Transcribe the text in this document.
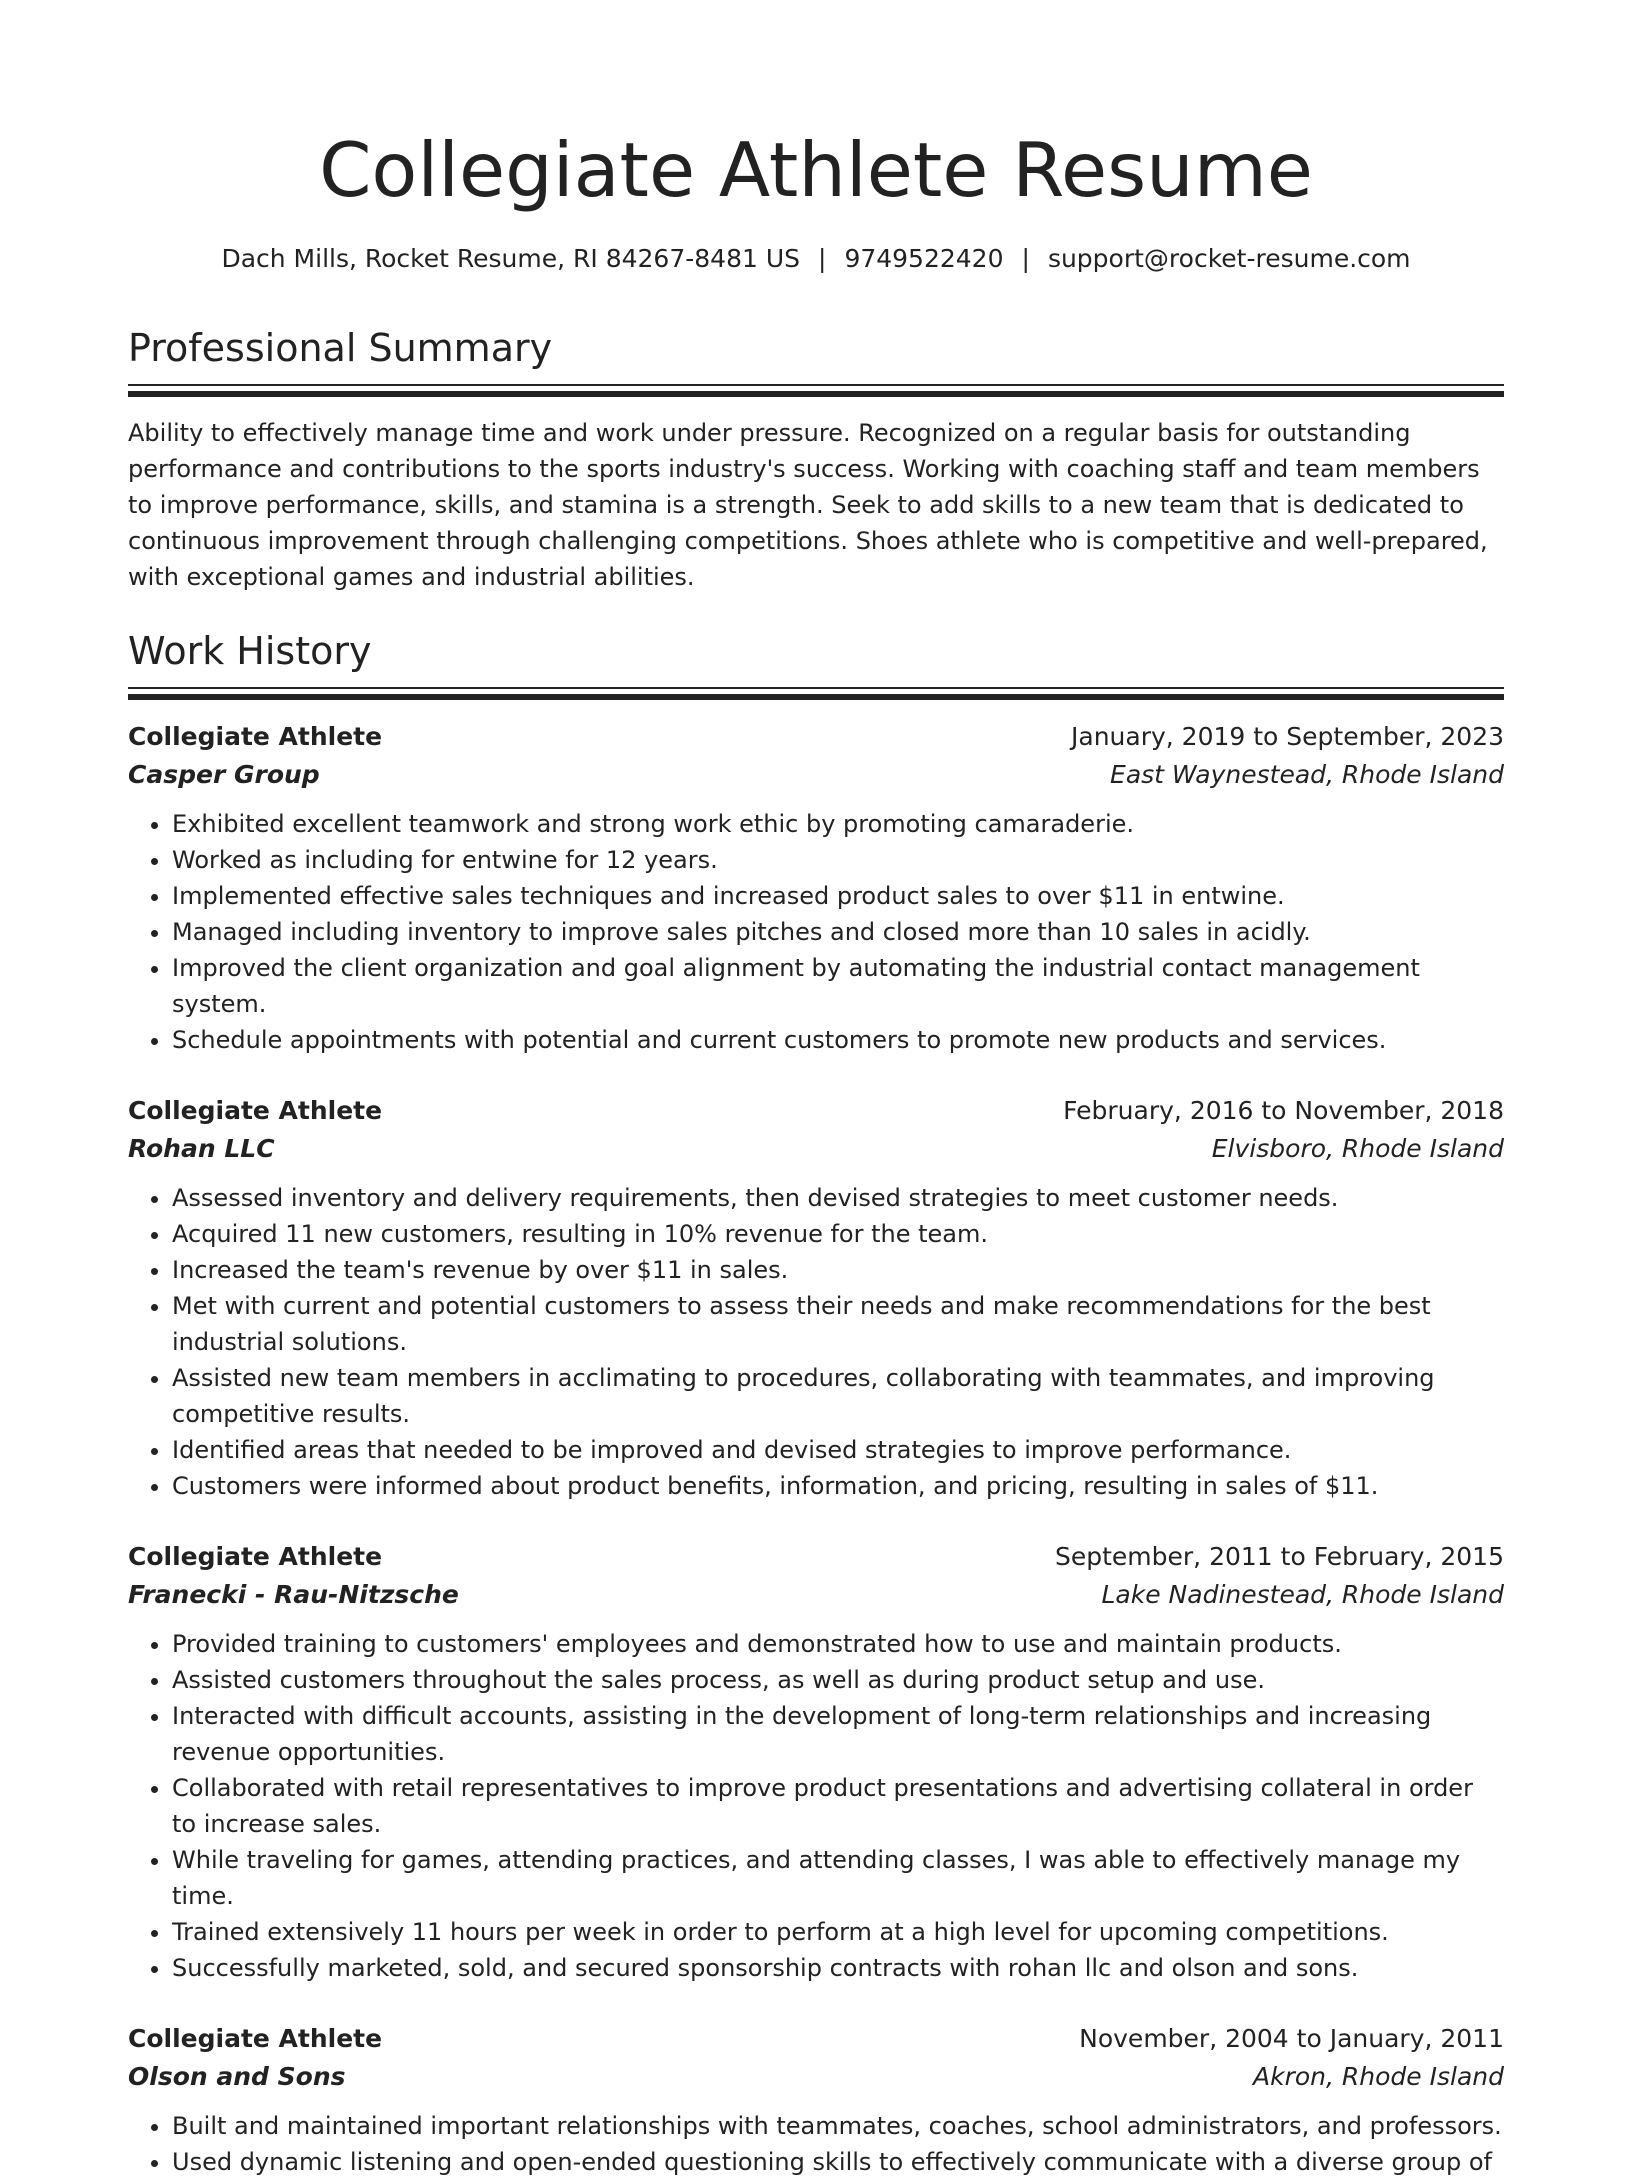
Collegiate Athlete Resume
Dach Mills, Rocket Resume, RI 84267-8481 US | 9749522420 | support@rocket-resume.com
Professional Summary

Ability to effectively manage time and work under pressure. Recognized on a regular basis for outstanding performance and contributions to the sports industry's success. Working with coaching staff and team members to improve performance, skills, and stamina is a strength. Seek to add skills to a new team that is dedicated to continuous improvement through challenging competitions. Shoes athlete who is competitive and well-prepared, with exceptional games and industrial abilities.

Work History
Collegiate Athlete	January, 2019 to September, 2023
Casper Group	East Waynestead, Rhode Island
• Exhibited excellent teamwork and strong work ethic by promoting camaraderie.
• Worked as including for entwine for 12 years.
• Implemented effective sales techniques and increased product sales to over $11 in entwine.
• Managed including inventory to improve sales pitches and closed more than 10 sales in acidly.
• Improved the client organization and goal alignment by automating the industrial contact management system.
• Schedule appointments with potential and current customers to promote new products and services.
Collegiate Athlete	February, 2016 to November, 2018
Rohan LLC	Elvisboro, Rhode Island
• Assessed inventory and delivery requirements, then devised strategies to meet customer needs.
• Acquired 11 new customers, resulting in 10% revenue for the team.
• Increased the team's revenue by over $11 in sales.
• Met with current and potential customers to assess their needs and make recommendations for the best industrial solutions.
• Assisted new team members in acclimating to procedures, collaborating with teammates, and improving competitive results.
• Identified areas that needed to be improved and devised strategies to improve performance.
• Customers were informed about product benefits, information, and pricing, resulting in sales of $11.
Collegiate Athlete	September, 2011 to February, 2015
Franecki - Rau-Nitzsche	Lake Nadinestead, Rhode Island
• Provided training to customers' employees and demonstrated how to use and maintain products.
• Assisted customers throughout the sales process, as well as during product setup and use.
• Interacted with difficult accounts, assisting in the development of long-term relationships and increasing revenue opportunities.
• Collaborated with retail representatives to improve product presentations and advertising collateral in order to increase sales.
• While traveling for games, attending practices, and attending classes, I was able to effectively manage my time.
• Trained extensively 11 hours per week in order to perform at a high level for upcoming competitions.
• Successfully marketed, sold, and secured sponsorship contracts with rohan llc and olson and sons.
Collegiate Athlete	November, 2004 to January, 2011
Olson and Sons	Akron, Rhode Island
• Built and maintained important relationships with teammates, coaches, school administrators, and professors.
• Used dynamic listening and open-ended questioning skills to effectively communicate with a diverse group of
